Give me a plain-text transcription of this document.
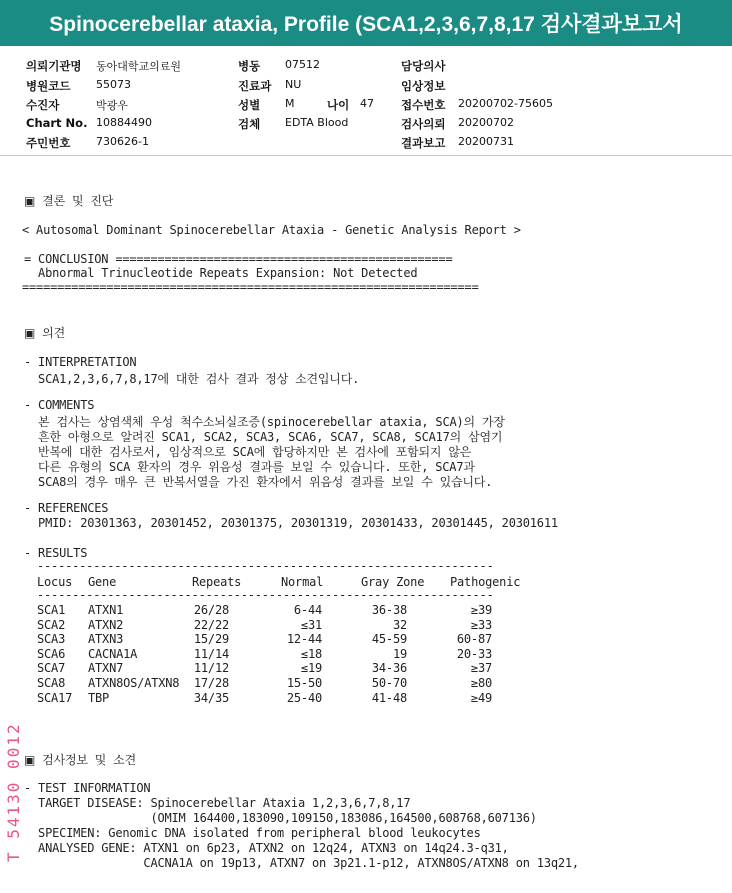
Spinocerebellar ataxia, Profile (SCA1,2,3,6,7,8,17 검사결과보고서
의뢰기관명 동아대학교의료원
병원코드 55073
수진자	박광우
Chart No. 10884490
주민번호 730626-1
병동 07512
진료과 NU
성별 M	나이 47
검체 EDTA Blood
담당의사
임상정보
접수번호 20200702-75605
검사의뢰 20200702
결과보고 20200731
▣ 결론 및 진단
< Autosomal Dominant Spinocerebellar Ataxia - Genetic Analysis Report >
= CONCLUSION ================================================
Abnormal Trinucleotide Repeats Expansion: Not Detected
=================================================================
▣ 의견
- INTERPRETATION
SCA1,2,3,6,7,8,17에 대한 검사 결과 정상 소견입니다.
- COMMENTS
본 검사는 상염색체 우성 척수소뇌실조증(spinocerebellar ataxia, SCA)의 가장
흔한 아형으로 알려진 SCA1, SCA2, SCA3, SCA6, SCA7, SCA8, SCA17의 삼염기
반복에 대한 검사로서, 임상적으로 SCA에 합당하지만 본 검사에 포함되지 않은
다른 유형의 SCA 환자의 경우 위음성 결과를 보일 수 있습니다. 또한, SCA7과
SCA8의 경우 매우 큰 반복서열을 가진 환자에서 위음성 결과를 보일 수 있습니다.
- REFERENCES
PMID: 20301363, 20301452, 20301375, 20301319, 20301433, 20301445, 20301611
- RESULTS
-----------------------------------------------------------------
-----------------------------------------------------------------
Locus Gene	Repeats	Normal	Gray Zone Pathogenic
SCA1 ATXN1	26/28	6-44	36-38	≥39
SCA2 ATXN2	22/22	≤31	32	≥33
SCA3 ATXN3	15/29	12-44	45-59	60-87
SCA6 CACNA1A	11/14	≤18	19	20-33
SCA7 ATXN7	11/12	≤19	34-36	≥37
SCA8 ATXN8OS/ATXN8 17/28	15-50	50-70	≥80
SCA17 TBP	34/35	25-40	41-48	≥49
▣ 검사정보 및 소견
- TEST INFORMATION
TARGET DISEASE: Spinocerebellar Ataxia 1,2,3,6,7,8,17
(OMIM 164400,183090,109150,183086,164500,608768,607136)
SPECIMEN: Genomic DNA isolated from peripheral blood leukocytes
ANALYSED GENE: ATXN1 on 6p23, ATXN2 on 12q24, ATXN3 on 14q24.3-q31,
CACNA1A on 19p13, ATXN7 on 3p21.1-p12, ATXN8OS/ATXN8 on 13q21,
T 54130 0012
